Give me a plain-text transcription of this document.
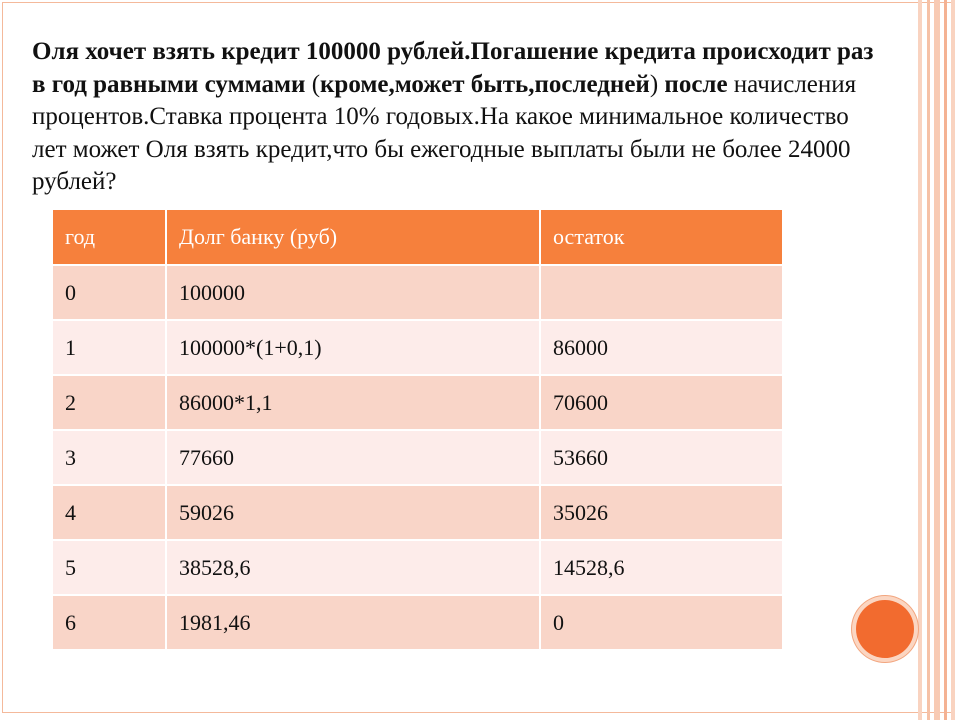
Оля хочет взять кредит 100000 рублей.Погашение кредита происходит раз в год равными суммами (кроме,может быть,последней) после начисления процентов.Ставка процента 10% годовых.На какое минимальное количество лет может Оля взять кредит,что бы ежегодные выплаты были не более 24000 рублей?

год	Долг банку (руб)	остаток
0	100000	
1	100000*(1+0,1)	86000
2	86000*1,1	70600
3	77660	53660
4	59026	35026
5	38528,6	14528,6
6	1981,46	0
